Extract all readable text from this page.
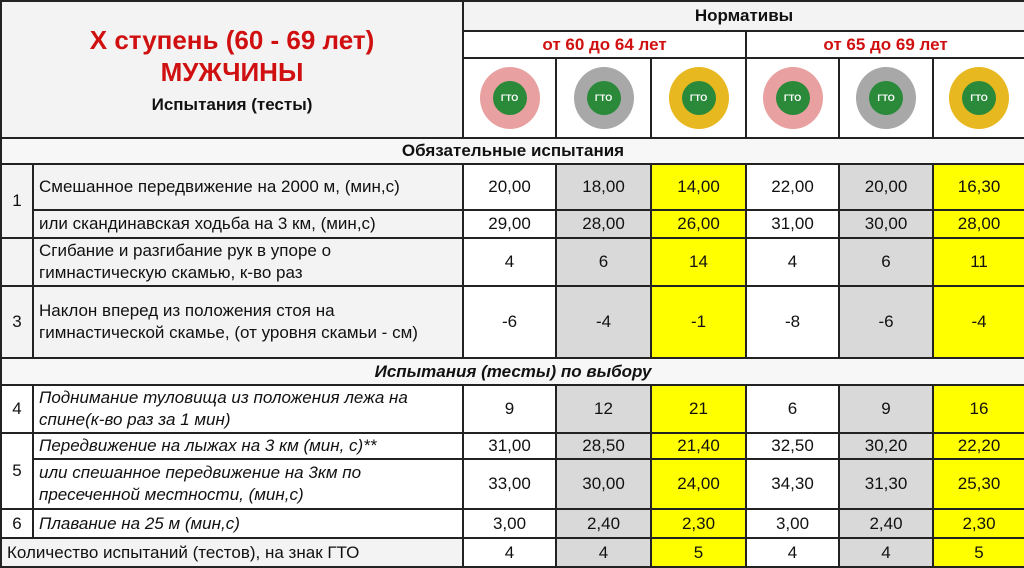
X ступень (60 - 69 лет)
МУЖЧИНЫ
Испытания (тесты)		Нормативы					
		от 60 до 64 лет			от 65 до 69 лет		

ГТО	ГТО	ГТО	ГТО	ГТО	ГТО

Обязательные испытания							
1	Смешанное передвижение на 2000 м, (мин,с)	20,00	18,00	14,00	22,00	20,00	16,30
	или скандинавская ходьба на 3 км, (мин,с)	29,00	28,00	26,00	31,00	30,00	28,00
	Сгибание и разгибание рук в упоре о гимнастическую скамью, к-во раз	4	6	14	4	6	11
3	Наклон вперед из положения стоя на гимнастической скамье, (от уровня скамьи - см)	-6	-4	-1	-8	-6	-4
Испытания (тесты) по выбору							
4	Поднимание туловища из положения лежа на спине(к-во раз за 1 мин)	9	12	21	6	9	16
5	Передвижение на лыжах на 3 км (мин, с)**	31,00	28,50	21,40	32,50	30,20	22,20
	или спешанное передвижение на 3км по пресеченной местности, (мин,с)	33,00	30,00	24,00	34,30	31,30	25,30
6	Плавание на 25 м (мин,с)	3,00	2,40	2,30	3,00	2,40	2,30
Количество испытаний (тестов), на знак ГТО		4	4	5	4	4	5
